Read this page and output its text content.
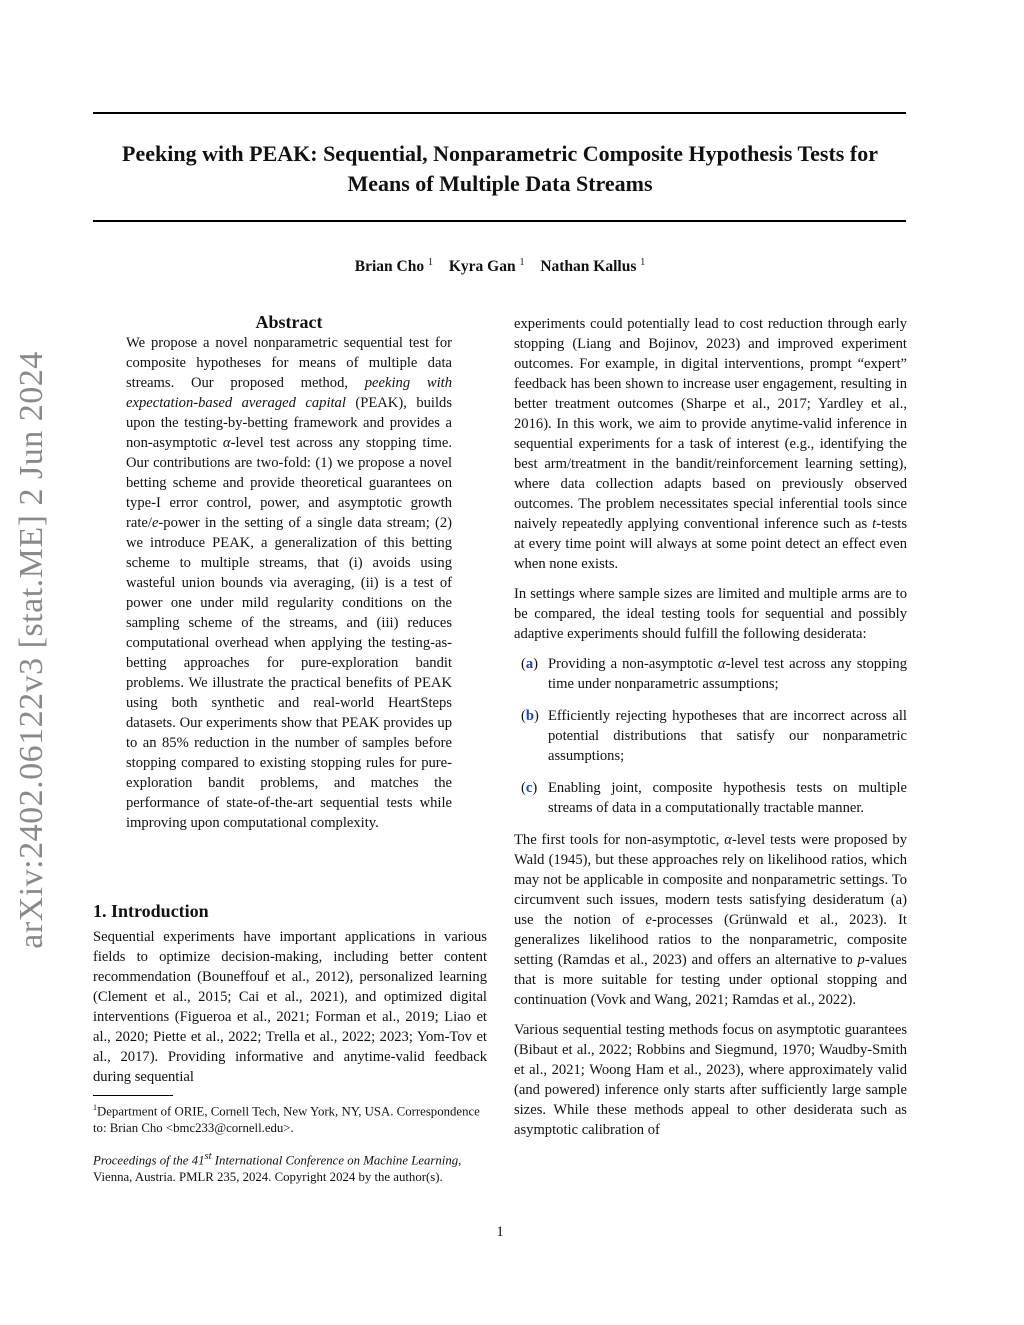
Peeking with PEAK: Sequential, Nonparametric Composite Hypothesis Tests for
Means of Multiple Data Streams
Brian Cho $^1$ Kyra Gan $^1$ Nathan Kallus $^1$
arXiv:2402.06122v3 [stat.ME] 2 Jun 2024
Abstract

We propose a novel nonparametric sequential test for composite hypotheses for means of multiple data streams. Our proposed method, peeking with expectation-based averaged capital (PEAK), builds upon the testing-by-betting framework and provides a non-asymptotic α-level test across any stopping time. Our contributions are two-fold: (1) we propose a novel betting scheme and provide theoretical guarantees on type-I error control, power, and asymptotic growth rate/e-power in the setting of a single data stream; (2) we introduce PEAK, a generalization of this betting scheme to multiple streams, that (i) avoids using wasteful union bounds via averaging, (ii) is a test of power one under mild regularity conditions on the sampling scheme of the streams, and (iii) reduces computational overhead when applying the testing-as-betting approaches for pure-exploration bandit problems. We illustrate the practical benefits of PEAK using both synthetic and real-world HeartSteps datasets. Our experiments show that PEAK provides up to an 85% reduction in the number of samples before stopping compared to existing stopping rules for pure-exploration bandit problems, and matches the performance of state-of-the-art sequential tests while improving upon computational complexity.

1. Introduction

Sequential experiments have important applications in various fields to optimize decision-making, including better content recommendation (Bouneffouf et al., 2012), personalized learning (Clement et al., 2015; Cai et al., 2021), and optimized digital interventions (Figueroa et al., 2021; Forman et al., 2019; Liao et al., 2020; Piette et al., 2022; Trella et al., 2022; 2023; Yom-Tov et al., 2017). Providing informative and anytime-valid feedback during sequential

$^1$Department of ORIE, Cornell Tech, New York, NY, USA. Correspondence to: Brian Cho <bmc233@cornell.edu>.

Proceedings of the 41st International Conference on Machine Learning, Vienna, Austria. PMLR 235, 2024. Copyright 2024 by the author(s).

experiments could potentially lead to cost reduction through early stopping (Liang and Bojinov, 2023) and improved experiment outcomes. For example, in digital interventions, prompt “expert” feedback has been shown to increase user engagement, resulting in better treatment outcomes (Sharpe et al., 2017; Yardley et al., 2016). In this work, we aim to provide anytime-valid inference in sequential experiments for a task of interest (e.g., identifying the best arm/treatment in the bandit/reinforcement learning setting), where data collection adapts based on previously observed outcomes. The problem necessitates special inferential tools since naively repeatedly applying conventional inference such as t-tests at every time point will always at some point detect an effect even when none exists.

In settings where sample sizes are limited and multiple arms are to be compared, the ideal testing tools for sequential and possibly adaptive experiments should fulfill the following desiderata:

(a) Providing a non-asymptotic α-level test across any stopping time under nonparametric assumptions;
(b) Efficiently rejecting hypotheses that are incorrect across all potential distributions that satisfy our nonparametric assumptions;
(c) Enabling joint, composite hypothesis tests on multiple streams of data in a computationally tractable manner.

The first tools for non-asymptotic, α-level tests were proposed by Wald (1945), but these approaches rely on likelihood ratios, which may not be applicable in composite and nonparametric settings. To circumvent such issues, modern tests satisfying desideratum (a) use the notion of e-processes (Grünwald et al., 2023). It generalizes likelihood ratios to the nonparametric, composite setting (Ramdas et al., 2023) and offers an alternative to p-values that is more suitable for testing under optional stopping and continuation (Vovk and Wang, 2021; Ramdas et al., 2022).

Various sequential testing methods focus on asymptotic guarantees (Bibaut et al., 2022; Robbins and Siegmund, 1970; Waudby-Smith et al., 2021; Woong Ham et al., 2023), where approximately valid (and powered) inference only starts after sufficiently large sample sizes. While these methods appeal to other desiderata such as asymptotic calibration of

1
